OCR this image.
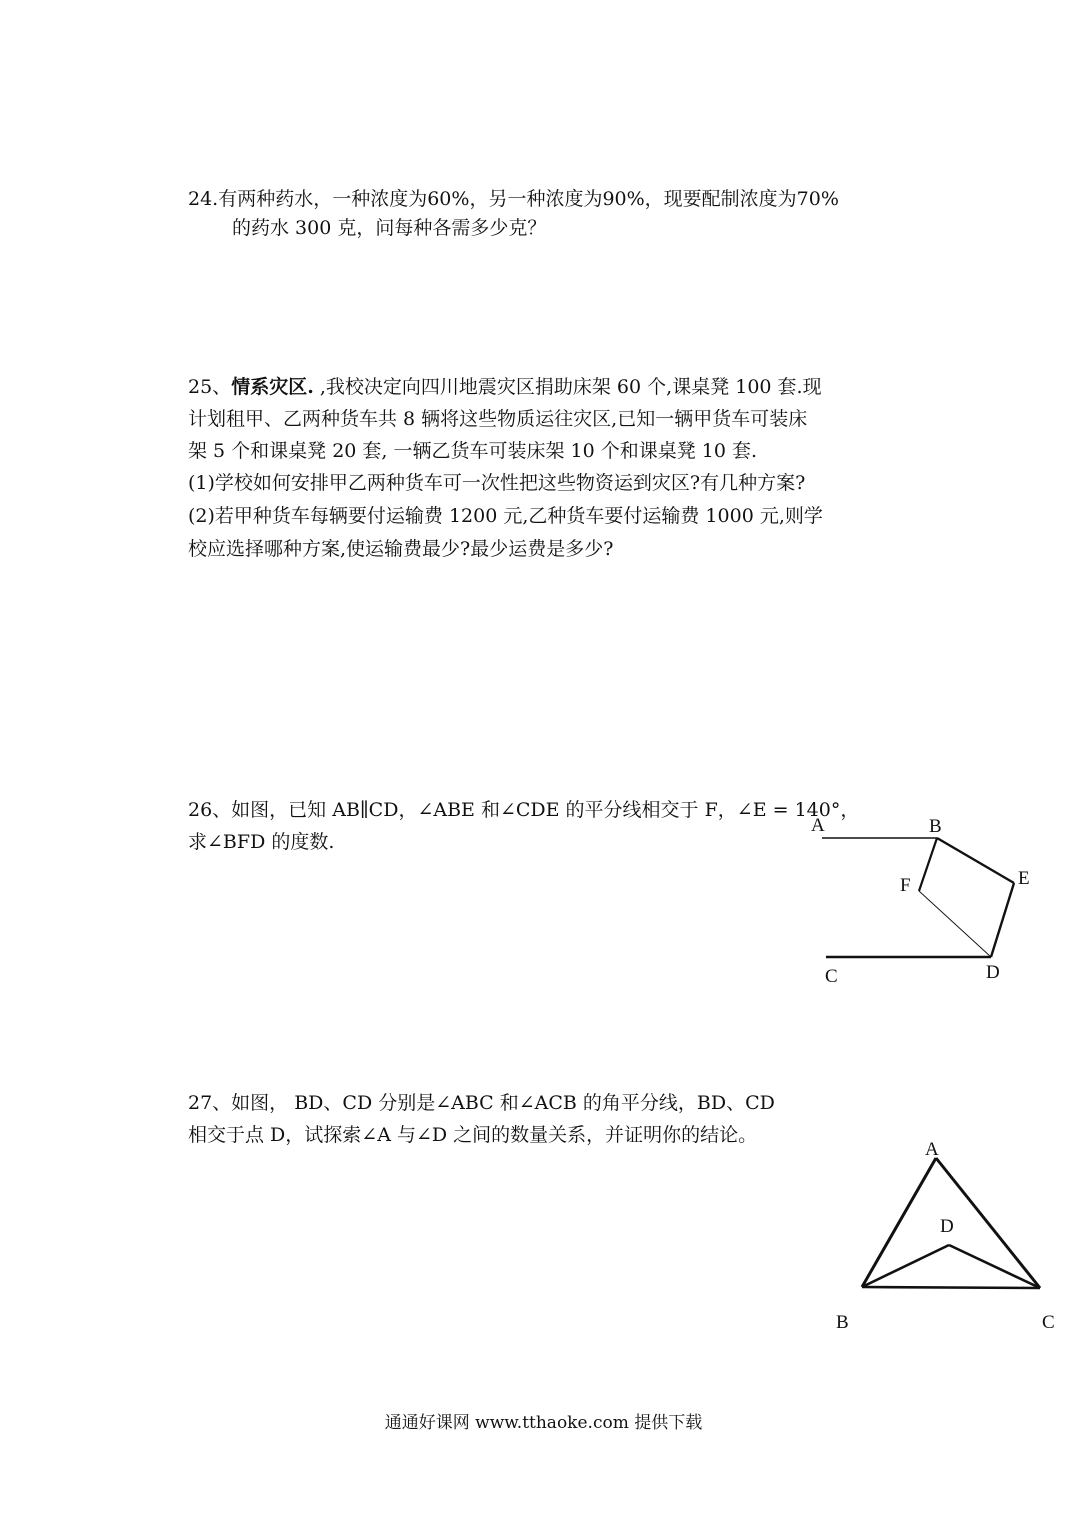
24.有两种药水，一种浓度为60%，另一种浓度为90%，现要配制浓度为70%
的药水 300 克，问每种各需多少克？
25、情系灾区. ,我校决定向四川地震灾区捐助床架 60 个,课桌凳 100 套.现
计划租甲、乙两种货车共 8 辆将这些物质运往灾区,已知一辆甲货车可装床
架 5 个和课桌凳 20 套, 一辆乙货车可装床架 10 个和课桌凳 10 套.
(1)学校如何安排甲乙两种货车可一次性把这些物资运到灾区?有几种方案?
(2)若甲种货车每辆要付运输费 1200 元,乙种货车要付运输费 1000 元,则学
校应选择哪种方案,使运输费最少?最少运费是多少?
26、如图，已知 AB∥CD，∠ABE 和∠CDE 的平分线相交于 F，∠E = 140°，
求∠BFD 的度数.
A	B
E
F
C	D
27、如图， BD、CD 分别是∠ABC 和∠ACB 的角平分线，BD、CD
相交于点 D，试探索∠A 与∠D 之间的数量关系，并证明你的结论。
A
D
B	C
通通好课网 www.tthaoke.com 提供下载
